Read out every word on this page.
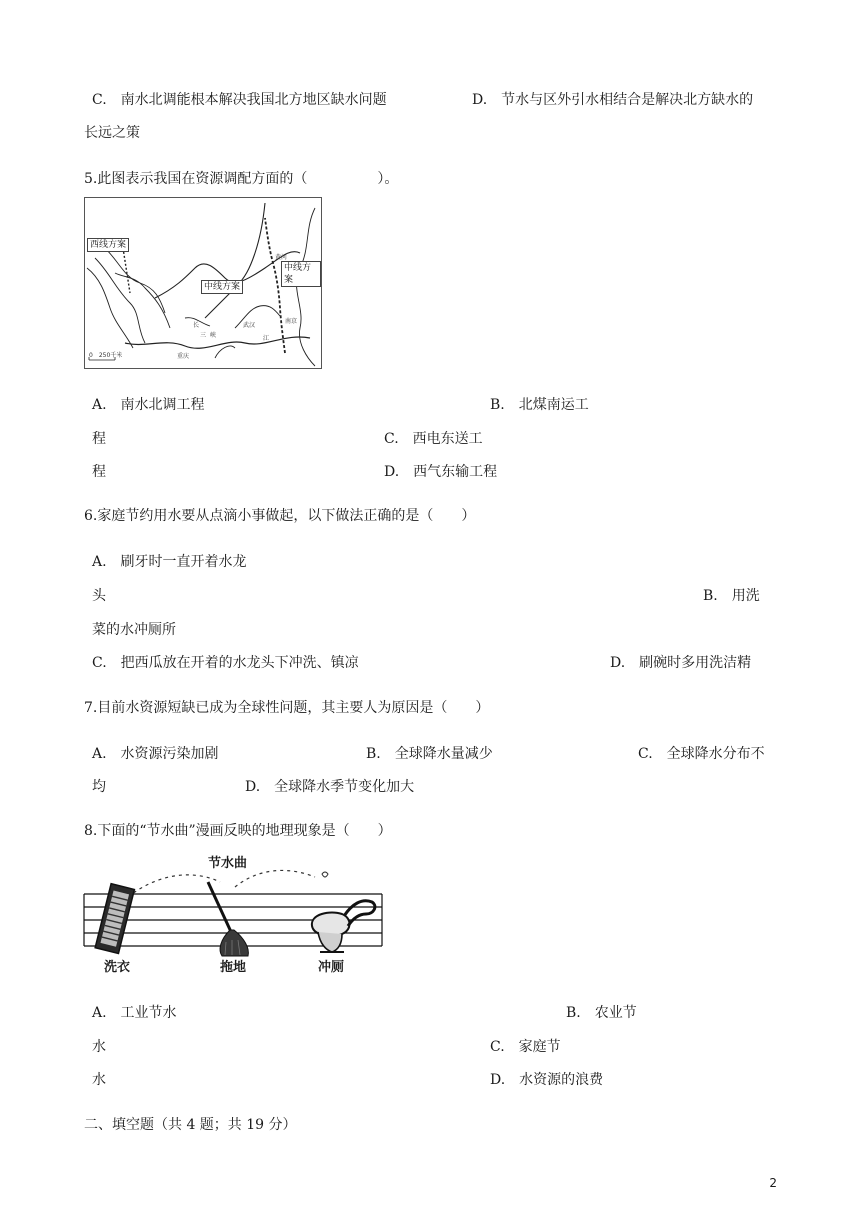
C.　南水北调能根本解决我国北方地区缺水问题	D.　节水与区外引水相结合是解决北方缺水的
长远之策
5.此图表示我国在资源调配方面的（　　　　　）。
西线方案
中线方案
中线方案
0　250千米
长
江
武汉
三 峡
重庆
南京
黄河
A.　南水北调工程	B.　北煤南运工
程	C.　西电东送工
程	D.　西气东输工程
6.家庭节约用水要从点滴小事做起，以下做法正确的是（　　）
A.　刷牙时一直开着水龙
头	B.　用洗
菜的水冲厕所
C.　把西瓜放在开着的水龙头下冲洗、镇凉	D.　刷碗时多用洗洁精
7.目前水资源短缺已成为全球性问题，其主要人为原因是（　　）
A.　水资源污染加剧	B.　全球降水量减少	C.　全球降水分布不
均	D.　全球降水季节变化加大
8.下面的“节水曲”漫画反映的地理现象是（　　）
节水曲
洗衣	拖地	冲厕
A.　工业节水	B.　农业节
水	C.　家庭节
水	D.　水资源的浪费
二、填空题（共 4 题；共 19 分）
2
